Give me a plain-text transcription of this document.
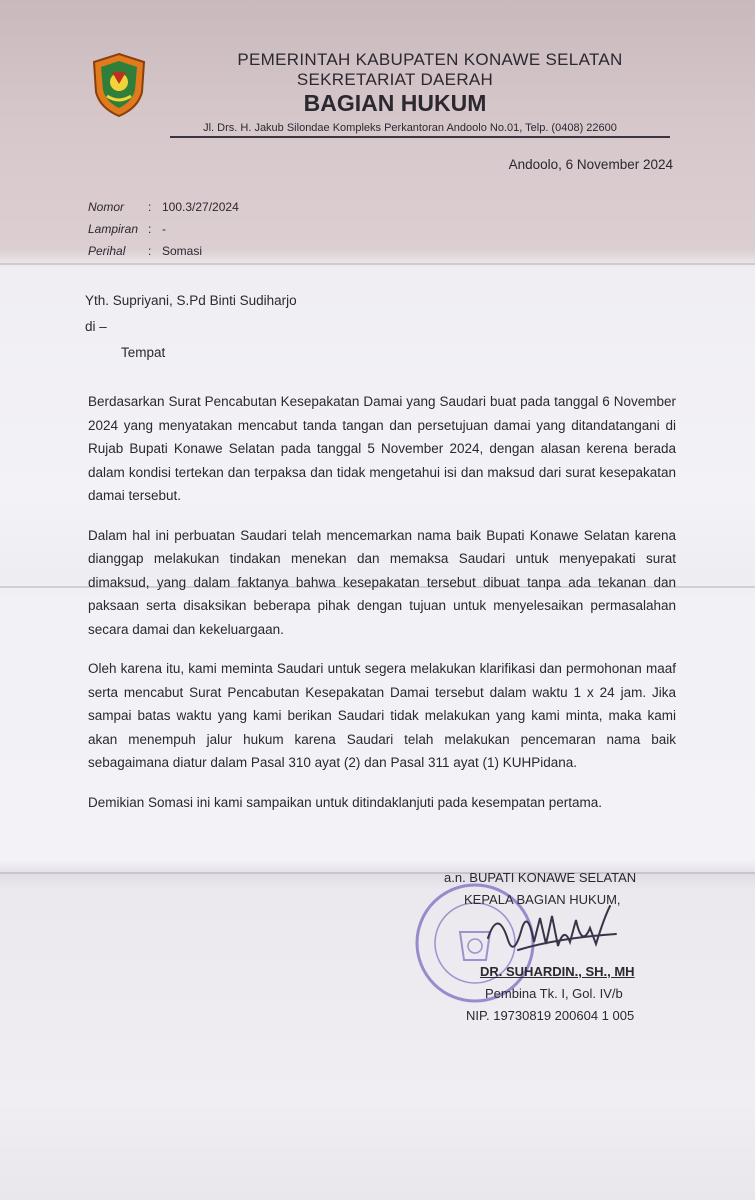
PEMERINTAH KABUPATEN KONAWE SELATAN
SEKRETARIAT DAERAH
BAGIAN HUKUM
Jl. Drs. H. Jakub Silondae Kompleks Perkantoran Andoolo No.01, Telp. (0408) 22600
Andoolo, 6 November 2024
Nomor	: 100.3/27/2024
Lampiran : -
Perihal	: Somasi
Yth. Supriyani, S.Pd Binti Sudiharjo
di –
Tempat

Berdasarkan Surat Pencabutan Kesepakatan Damai yang Saudari buat pada tanggal 6 November 2024 yang menyatakan mencabut tanda tangan dan persetujuan damai yang ditandatangani di Rujab Bupati Konawe Selatan pada tanggal 5 November 2024, dengan alasan kerena berada dalam kondisi tertekan dan terpaksa dan tidak mengetahui isi dan maksud dari surat kesepakatan damai tersebut.

Dalam hal ini perbuatan Saudari telah mencemarkan nama baik Bupati Konawe Selatan karena dianggap melakukan tindakan menekan dan memaksa Saudari untuk menyepakati surat dimaksud, yang dalam faktanya bahwa kesepakatan tersebut dibuat tanpa ada tekanan dan paksaan serta disaksikan beberapa pihak dengan tujuan untuk menyelesaikan permasalahan secara damai dan kekeluargaan.

Oleh karena itu, kami meminta Saudari untuk segera melakukan klarifikasi dan permohonan maaf serta mencabut Surat Pencabutan Kesepakatan Damai tersebut dalam waktu 1 x 24 jam. Jika sampai batas waktu yang kami berikan Saudari tidak melakukan yang kami minta, maka kami akan menempuh jalur hukum karena Saudari telah melakukan pencemaran nama baik sebagaimana diatur dalam Pasal 310 ayat (2) dan Pasal 311 ayat (1) KUHPidana.

Demikian Somasi ini kami sampaikan untuk ditindaklanjuti pada kesempatan pertama.

a.n. BUPATI KONAWE SELATAN
KEPALA BAGIAN HUKUM,
DR. SUHARDIN., SH., MH
Pembina Tk. I, Gol. IV/b
NIP. 19730819 200604 1 005
